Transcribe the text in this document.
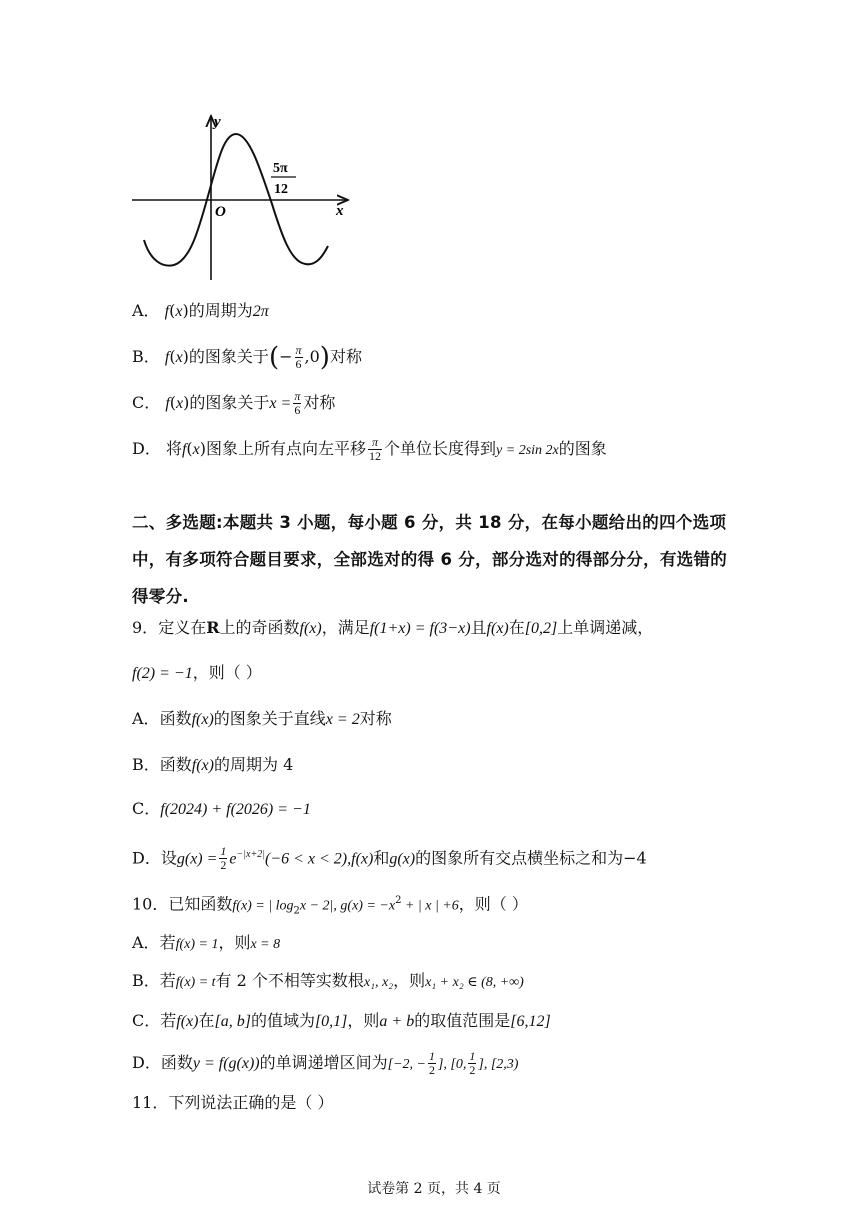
y
x
O
5π
12
A． f(x)的周期为2π
B． f(x)的图象关于(− $\frac{\pi}{6} ,0$)对称
C． f(x)的图象关于$x = \frac{\pi}{6}$ 对称
D． 将f(x)图象上所有点向左平移 $\frac{\pi}{12}$ 个单位长度得到y = 2sin 2x的图象
二、多选题:本题共 3 小题，每小题 6 分，共 18 分，在每小题给出的四个选项中，有多项符合题目要求，全部选对的得 6 分，部分选对的得部分分，有选错的得零分.
9．定义在R上的奇函数f(x)，满足f(1+x) = f(3−x)且f(x)在[0,2]上单调递减，
f(2) = −1，则（ ）
A．函数f(x)的图象关于直线x = 2对称
B．函数f(x)的周期为 4
C．f(2024) + f(2026) = −1
D．设$g(x) = \frac{1}{2} e^{-|x+2|}(-6 < x < 2),f(x)$和g(x)的图象所有交点横坐标之和为−4
10．已知函数f(x) = | $\log_2x - 2|$, $g(x) = -x^2$ + | x | +6，则（ ）
A．若f(x) = 1，则x = 8
B．若f(x) = t有 2 个不相等实数根x₁, x₂，则x₁ + x₂ ∈ (8, +∞)
C．若f(x)在[a, b]的值域为[0,1]，则a + b的取值范围是[6,12]
D．函数y = f(g(x))的单调递增区间为[−2, − $\frac{1}{2}$ ], [0, $\frac{1}{2}$ ], [2,3)
11．下列说法正确的是（ ）
试卷第 2 页，共 4 页
